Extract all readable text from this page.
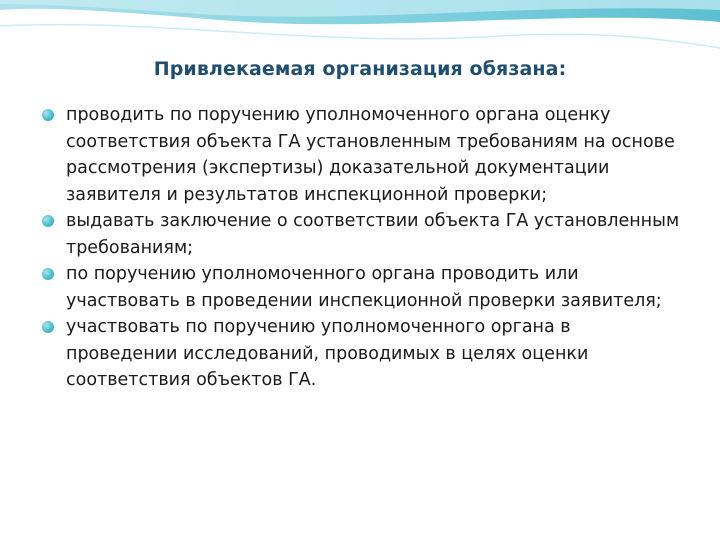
Привлекаемая организация обязана:
проводить по поручению уполномоченного органа оценку соответствия объекта ГА установленным требованиям на основе рассмотрения (экспертизы) доказательной документации заявителя и результатов инспекционной проверки;
выдавать заключение о соответствии объекта ГА установленным требованиям;
по поручению уполномоченного органа проводить или участвовать в проведении инспекционной проверки заявителя;
участвовать по поручению уполномоченного органа в проведении исследований, проводимых в целях оценки соответствия объектов ГА.
